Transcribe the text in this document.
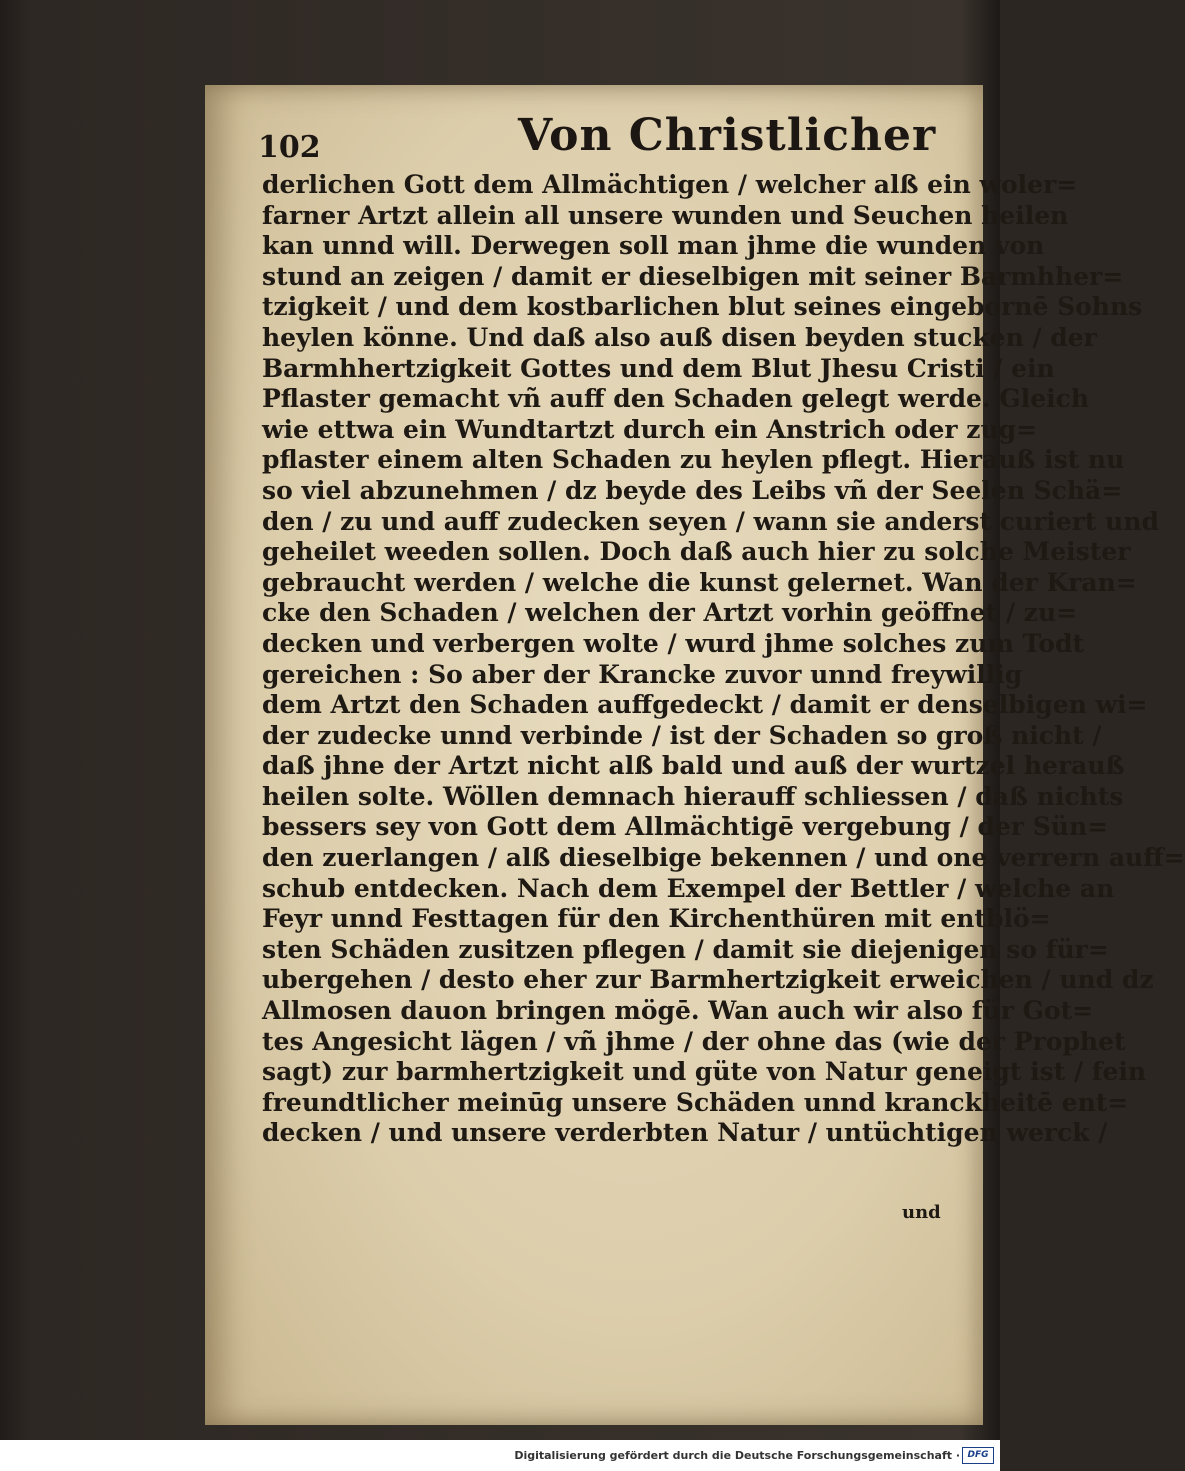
102	Von Christlicher
derlichen Gott dem Allmächtigen / welcher alß ein woler=
farner Artzt allein all unsere wunden und Seuchen heilen
kan unnd will. Derwegen soll man jhme die wunden von
stund an zeigen / damit er dieselbigen mit seiner Barmhher=
tzigkeit / und dem kostbarlichen blut seines eingebornē Sohns
heylen könne. Und daß also auß disen beyden stucken / der
Barmhhertzigkeit Gottes und dem Blut Jhesu Cristi / ein
Pflaster gemacht vñ auff den Schaden gelegt werde. Gleich
wie ettwa ein Wundtartzt durch ein Anstrich oder zug=
pflaster einem alten Schaden zu heylen pflegt. Hierauß ist nu
so viel abzunehmen / dz beyde des Leibs vñ der Seelen Schä=
den / zu und auff zudecken seyen / wann sie anderst curiert und
geheilet weeden sollen. Doch daß auch hier zu solche Meister
gebraucht werden / welche die kunst gelernet. Wan der Kran=
cke den Schaden / welchen der Artzt vorhin geöffnet / zu=
decken und verbergen wolte / wurd jhme solches zum Todt
gereichen : So aber der Krancke zuvor unnd freywillig
dem Artzt den Schaden auffgedeckt / damit er denselbigen wi=
der zudecke unnd verbinde / ist der Schaden so groß nicht /
daß jhne der Artzt nicht alß bald und auß der wurtzel herauß
heilen solte. Wöllen demnach hierauff schliessen / daß nichts
bessers sey von Gott dem Allmächtigē vergebung / der Sün=
den zuerlangen / alß dieselbige bekennen / und one verrern auff=
schub entdecken. Nach dem Exempel der Bettler / welche an
Feyr unnd Festtagen für den Kirchenthüren mit entblö=
sten Schäden zusitzen pflegen / damit sie diejenigen so für=
ubergehen / desto eher zur Barmhertzigkeit erweichen / und dz
Allmosen dauon bringen mögē. Wan auch wir also für Got=
tes Angesicht lägen / vñ jhme / der ohne das (wie der Prophet
sagt) zur barmhertzigkeit und güte von Natur geneigt ist / fein
freundtlicher meinūg unsere Schäden unnd kranckheitē ent=
decken / und unsere verderbten Natur / untüchtigen werck /
und
Digitalisierung gefördert durch die Deutsche Forschungsgemeinschaft · DFG
